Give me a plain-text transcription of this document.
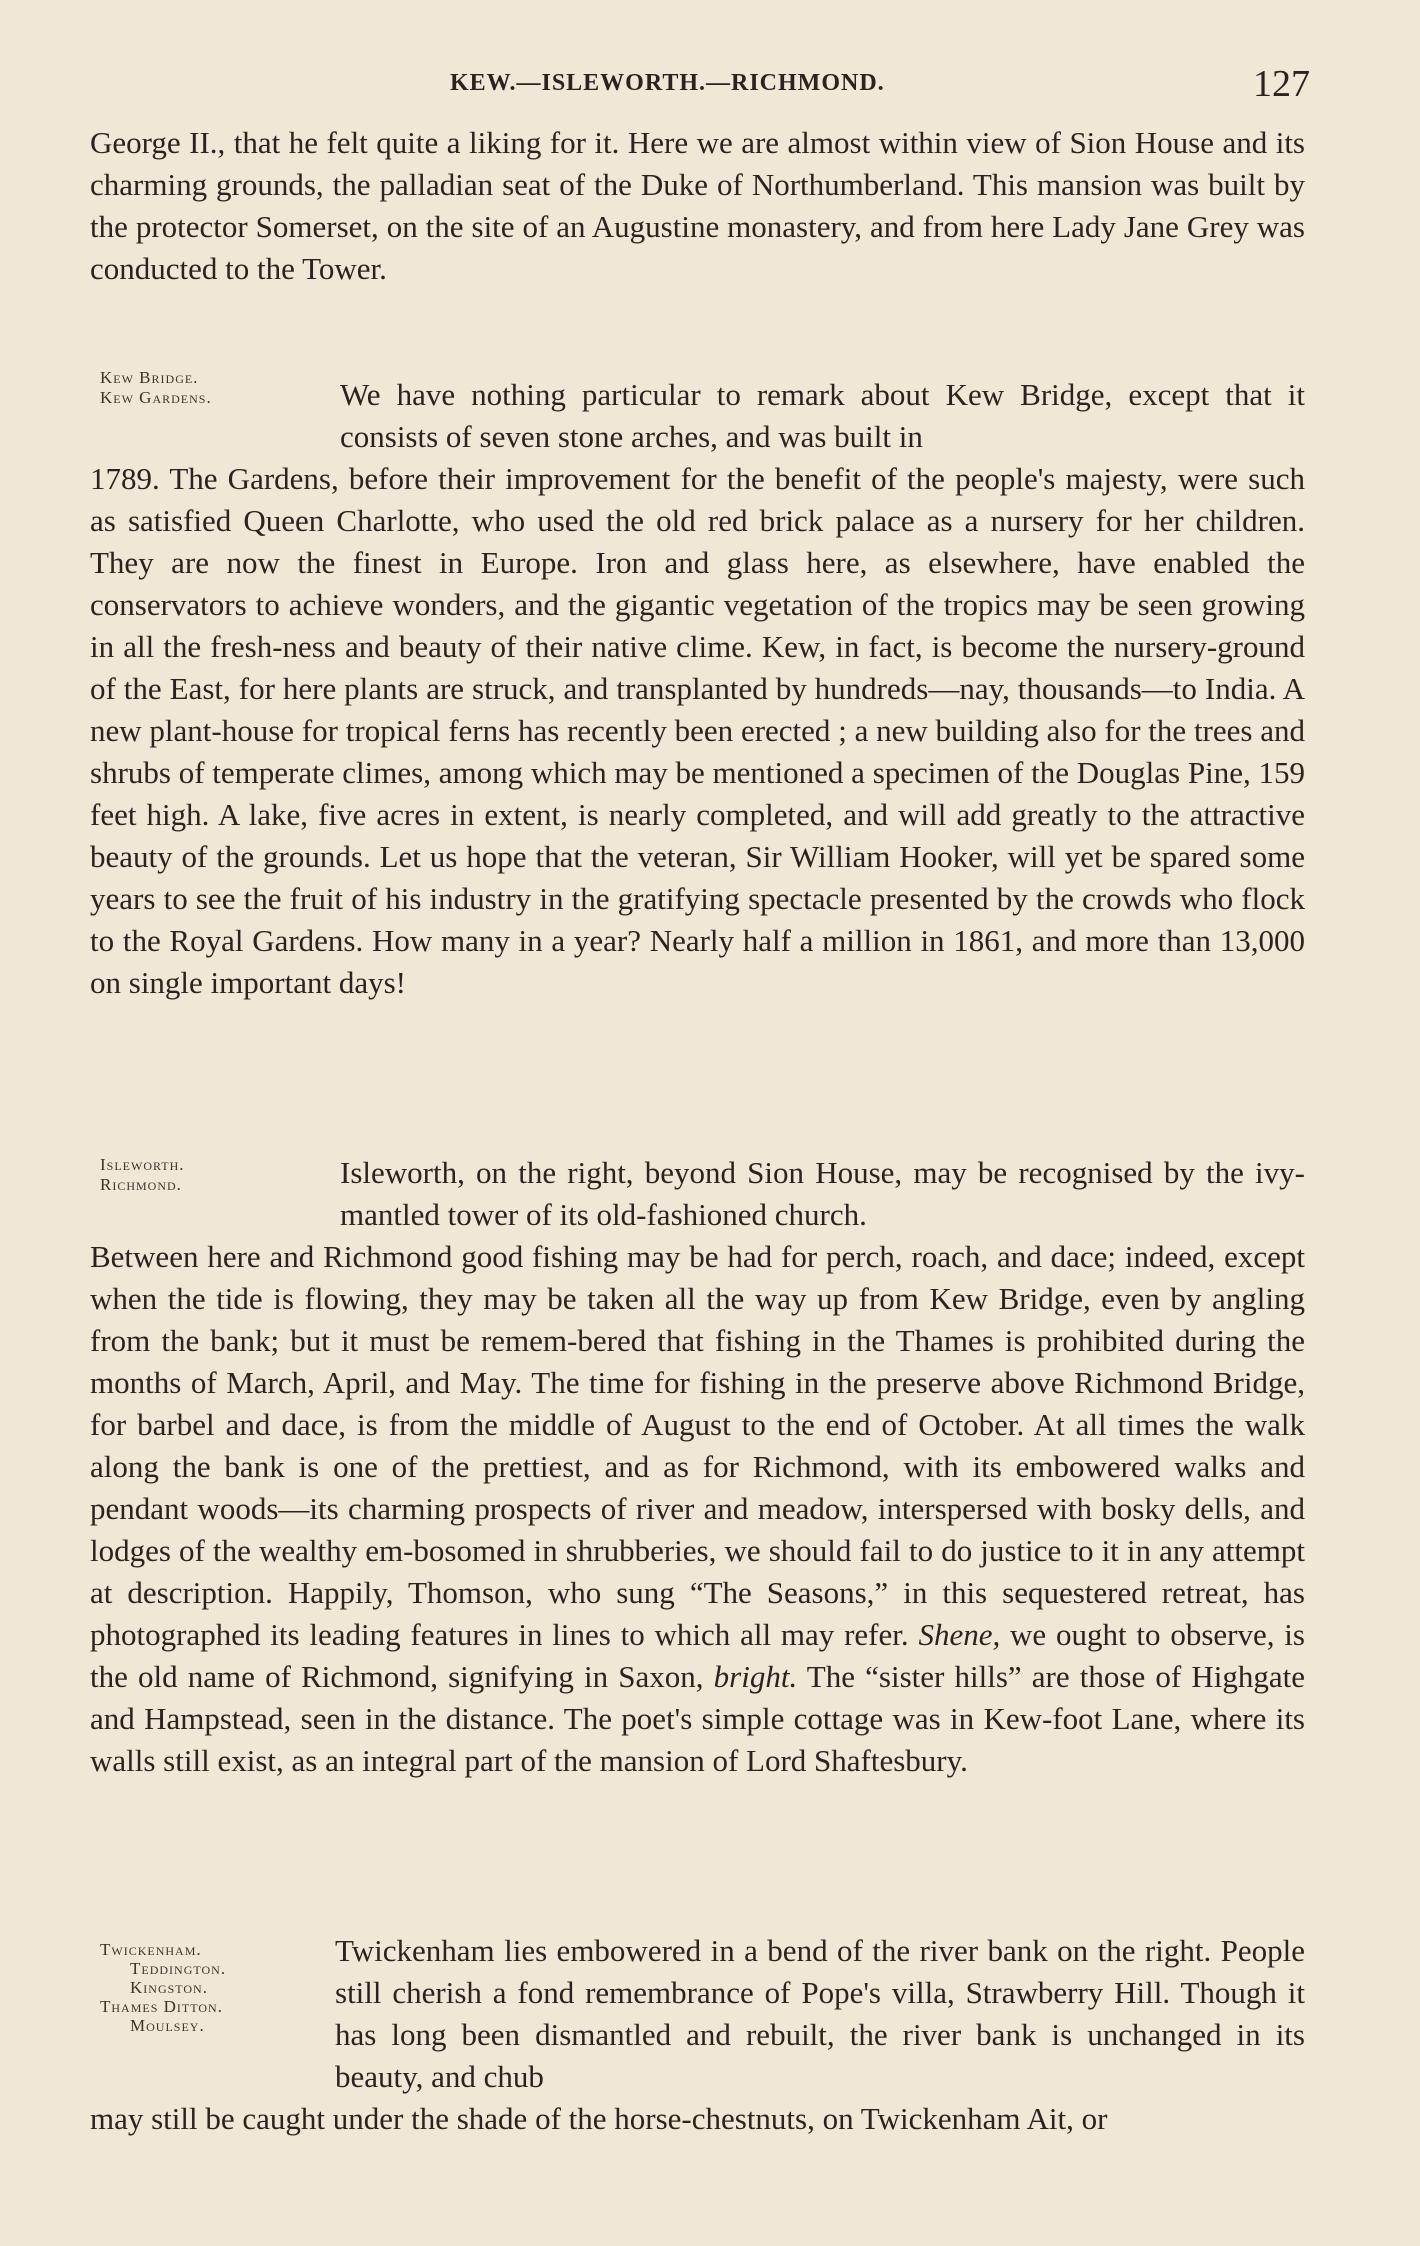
KEW.—ISLEWORTH.—RICHMOND.	127

George II., that he felt quite a liking for it. Here we are almost within view of Sion House and its charming grounds, the palladian seat of the Duke of Northumberland. This mansion was built by the protector Somerset, on the site of an Augustine monastery, and from here Lady Jane Grey was conducted to the Tower.

Kew Bridge.
Kew Gardens.	We have nothing particular to remark about Kew Bridge, except that it consists of seven stone arches, and was built in
1789. The Gardens, before their improvement for the benefit of the people's majesty, were such as satisfied Queen Charlotte, who used the old red brick palace as a nursery for her children. They are now the finest in Europe. Iron and glass here, as elsewhere, have enabled the conservators to achieve wonders, and the gigantic vegetation of the tropics may be seen growing in all the fresh-ness and beauty of their native clime. Kew, in fact, is become the nursery-ground of the East, for here plants are struck, and transplanted by hundreds—nay, thousands—to India. A new plant-house for tropical ferns has recently been erected ; a new building also for the trees and shrubs of temperate climes, among which may be mentioned a specimen of the Douglas Pine, 159 feet high. A lake, five acres in extent, is nearly completed, and will add greatly to the attractive beauty of the grounds. Let us hope that the veteran, Sir William Hooker, will yet be spared some years to see the fruit of his industry in the gratifying spectacle presented by the crowds who flock to the Royal Gardens. How many in a year? Nearly half a million in 1861, and more than 13,000 on single important days!
Isleworth.
Richmond.	Isleworth, on the right, beyond Sion House, may be recognised by the ivy-mantled tower of its old-fashioned church.
Between here and Richmond good fishing may be had for perch, roach, and dace; indeed, except when the tide is flowing, they may be taken all the way up from Kew Bridge, even by angling from the bank; but it must be remem-bered that fishing in the Thames is prohibited during the months of March, April, and May. The time for fishing in the preserve above Richmond Bridge, for barbel and dace, is from the middle of August to the end of October. At all times the walk along the bank is one of the prettiest, and as for Richmond, with its embowered walks and pendant woods—its charming prospects of river and meadow, interspersed with bosky dells, and lodges of the wealthy em-bosomed in shrubberies, we should fail to do justice to it in any attempt at description. Happily, Thomson, who sung “The Seasons,” in this sequestered retreat, has photographed its leading features in lines to which all may refer. Shene, we ought to observe, is the old name of Richmond, signifying in Saxon, bright. The “sister hills” are those of Highgate and Hampstead, seen in the distance. The poet's simple cottage was in Kew-foot Lane, where its walls still exist, as an integral part of the mansion of Lord Shaftesbury.
Twickenham.
Teddington.
Kingston.
Thames Ditton.
Moulsey.
Twickenham lies embowered in a bend of the river bank on the right. People still cherish a fond remembrance of Pope's villa, Strawberry Hill. Though it has long been dismantled and rebuilt, the river bank is unchanged in its beauty, and chub
may still be caught under the shade of the horse-chestnuts, on Twickenham Ait, or
